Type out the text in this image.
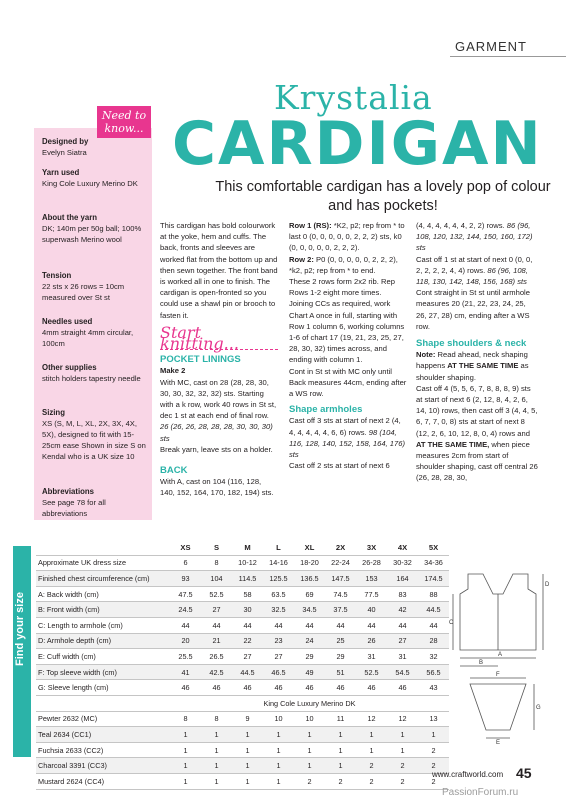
GARMENT
Krystalia
CARDIGAN
This comfortable cardigan has a lovely pop of colour and has pockets!
Need to know...
Designed by
Evelyn Siatra
Yarn used
King Cole Luxury Merino DK
About the yarn
DK; 140m per 50g ball; 100% superwash Merino wool
Tension
22 sts x 26 rows = 10cm measured over St st
Needles used
4mm straight 4mm circular, 100cm
Other supplies
stitch holders tapestry needle
Sizing
XS (S, M, L, XL, 2X, 3X, 4X, 5X), designed to fit with 15-25cm ease Shown in size S on Kendal who is a UK size 10
Abbreviations
See page 78 for all abbreviations

This cardigan has bold colourwork at the yoke, hem and cuffs. The back, fronts and sleeves are worked flat from the bottom up and then sewn together. The front band is worked all in one to finish. The cardigan is open-fronted so you could use a shawl pin or brooch to fasten it.

Start knitting...

POCKET LININGS

Make 2

With MC, cast on 28 (28, 28, 30, 30, 30, 32, 32, 32) sts. Starting with a k row, work 40 rows in St st, dec 1 st at each end of final row. 26 (26, 26, 28, 28, 28, 30, 30, 30) sts

Break yarn, leave sts on a holder.

BACK

With A, cast on 104 (116, 128, 140, 152, 164, 170, 182, 194) sts.

Row 1 (RS): *K2, p2; rep from * to last 0 (0, 0, 0, 0, 0, 2, 2, 2) sts, k0 (0, 0, 0, 0, 0, 2, 2, 2).

Row 2: P0 (0, 0, 0, 0, 0, 2, 2, 2), *k2, p2; rep from * to end.

These 2 rows form 2x2 rib. Rep Rows 1-2 eight more times.

Joining CCs as required, work Chart A once in full, starting with Row 1 column 6, working columns 1-6 of chart 17 (19, 21, 23, 25, 27, 28, 30, 32) times across, and ending with column 1.

Cont in St st with MC only until Back measures 44cm, ending after a WS row.

Shape armholes

Cast off 3 sts at start of next 2 (4, 4, 4, 4, 4, 4, 6, 6) rows. 98 (104, 116, 128, 140, 152, 158, 164, 176) sts

Cast off 2 sts at start of next 6

(4, 4, 4, 4, 4, 4, 2, 2) rows. 86 (96, 108, 120, 132, 144, 150, 160, 172) sts

Cast off 1 st at start of next 0 (0, 0, 2, 2, 2, 2, 4, 4) rows. 86 (96, 108, 118, 130, 142, 148, 156, 168) sts

Cont straight in St st until armhole measures 20 (21, 22, 23, 24, 25, 26, 27, 28) cm, ending after a WS row.

Shape shoulders & neck

Note: Read ahead, neck shaping happens AT THE SAME TIME as shoulder shaping.

Cast off 4 (5, 5, 6, 7, 8, 8, 8, 9) sts at start of next 6 (2, 12, 8, 4, 2, 6, 14, 10) rows, then cast off 3 (4, 4, 5, 6, 7, 7, 0, 8) sts at start of next 8 (12, 2, 6, 10, 12, 8, 0, 4) rows and

AT THE SAME TIME, when piece measures 2cm from start of shoulder shaping, cast off central 26 (26, 28, 28, 30,

Find your size
	XS	S	M	L	XL	2X	3X	4X	5X
Approximate UK dress size	6	8	10-12	14-16	18-20	22-24	26-28	30-32	34-36
Finished chest circumference (cm)	93	104	114.5	125.5	136.5	147.5	153	164	174.5
A: Back width (cm)	47.5	52.5	58	63.5	69	74.5	77.5	83	88
B: Front width (cm)	24.5	27	30	32.5	34.5	37.5	40	42	44.5
C: Length to armhole (cm)	44	44	44	44	44	44	44	44	44
D: Armhole depth (cm)	20	21	22	23	24	25	26	27	28
E: Cuff width (cm)	25.5	26.5	27	27	29	29	31	31	32
F: Top sleeve width (cm)	41	42.5	44.5	46.5	49	51	52.5	54.5	56.5
G: Sleeve length (cm)	46	46	46	46	46	46	46	46	43
	King Cole Luxury Merino DK								
Pewter 2632 (MC)	8	8	9	10	10	11	12	12	13
Teal 2634 (CC1)	1	1	1	1	1	1	1	1	1
Fuchsia 2633 (CC2)	1	1	1	1	1	1	1	1	2
Charcoal 3391 (CC3)	1	1	1	1	1	1	2	2	2
Mustard 2624 (CC4)	1	1	1	1	2	2	2	2	2
A
B
C
D
E
F
G
www.craftworld.com 45
PassionForum.ru
